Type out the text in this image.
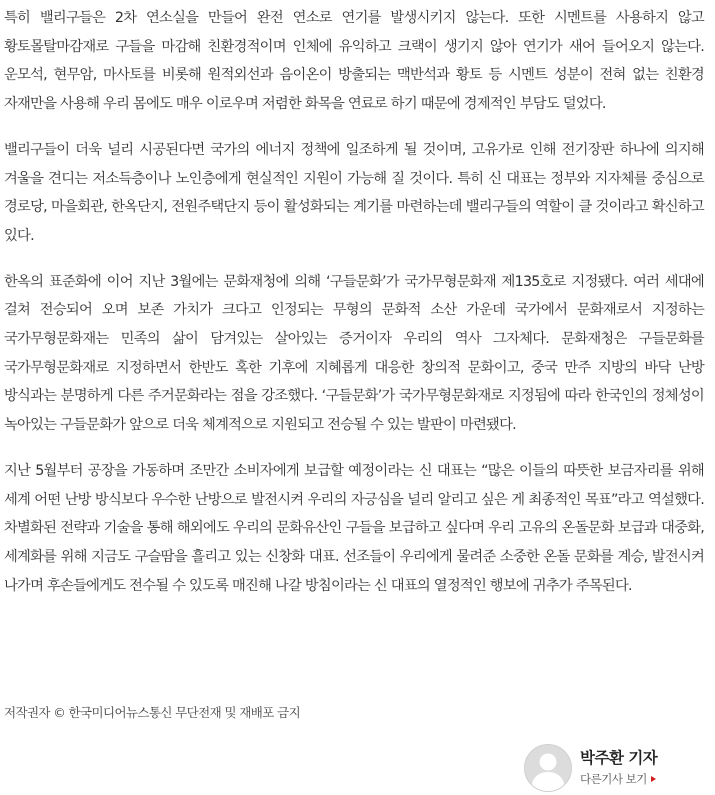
특히 밸리구들은 2차 연소실을 만들어 완전 연소로 연기를 발생시키지 않는다. 또한 시멘트를 사용하지 않고 황토몰탈마감재로 구들을 마감해 친환경적이며 인체에 유익하고 크랙이 생기지 않아 연기가 새어 들어오지 않는다. 운모석, 현무암, 마사토를 비롯해 원적외선과 음이온이 방출되는 맥반석과 황토 등 시멘트 성분이 전혀 없는 친환경 자재만을 사용해 우리 몸에도 매우 이로우며 저렴한 화목을 연료로 하기 때문에 경제적인 부담도 덜었다.

밸리구들이 더욱 널리 시공된다면 국가의 에너지 정책에 일조하게 될 것이며, 고유가로 인해 전기장판 하나에 의지해 겨울을 견디는 저소득층이나 노인층에게 현실적인 지원이 가능해 질 것이다. 특히 신 대표는 정부와 지자체를 중심으로 경로당, 마을회관, 한옥단지, 전원주택단지 등이 활성화되는 계기를 마련하는데 밸리구들의 역할이 클 것이라고 확신하고 있다.

한옥의 표준화에 이어 지난 3월에는 문화재청에 의해 ‘구들문화’가 국가무형문화재 제135호로 지정됐다. 여러 세대에 걸쳐 전승되어 오며 보존 가치가 크다고 인정되는 무형의 문화적 소산 가운데 국가에서 문화재로서 지정하는 국가무형문화재는 민족의 삶이 담겨있는 살아있는 증거이자 우리의 역사 그자체다. 문화재청은 구들문화를 국가무형문화재로 지정하면서 한반도 혹한 기후에 지혜롭게 대응한 창의적 문화이고, 중국 만주 지방의 바닥 난방 방식과는 분명하게 다른 주거문화라는 점을 강조했다. ‘구들문화’가 국가무형문화재로 지정됨에 따라 한국인의 정체성이 녹아있는 구들문화가 앞으로 더욱 체계적으로 지원되고 전승될 수 있는 발판이 마련됐다.

지난 5월부터 공장을 가동하며 조만간 소비자에게 보급할 예정이라는 신 대표는 “많은 이들의 따뜻한 보금자리를 위해 세계 어떤 난방 방식보다 우수한 난방으로 발전시켜 우리의 자긍심을 널리 알리고 싶은 게 최종적인 목표”라고 역설했다. 차별화된 전략과 기술을 통해 해외에도 우리의 문화유산인 구들을 보급하고 싶다며 우리 고유의 온돌문화 보급과 대중화, 세계화를 위해 지금도 구슬땀을 흘리고 있는 신창화 대표. 선조들이 우리에게 물려준 소중한 온돌 문화를 계승, 발전시켜 나가며 후손들에게도 전수될 수 있도록 매진해 나갈 방침이라는 신 대표의 열정적인 행보에 귀추가 주목된다.

저작권자 © 한국미디어뉴스통신 무단전재 및 재배포 금지
박주환 기자
다른기사 보기
